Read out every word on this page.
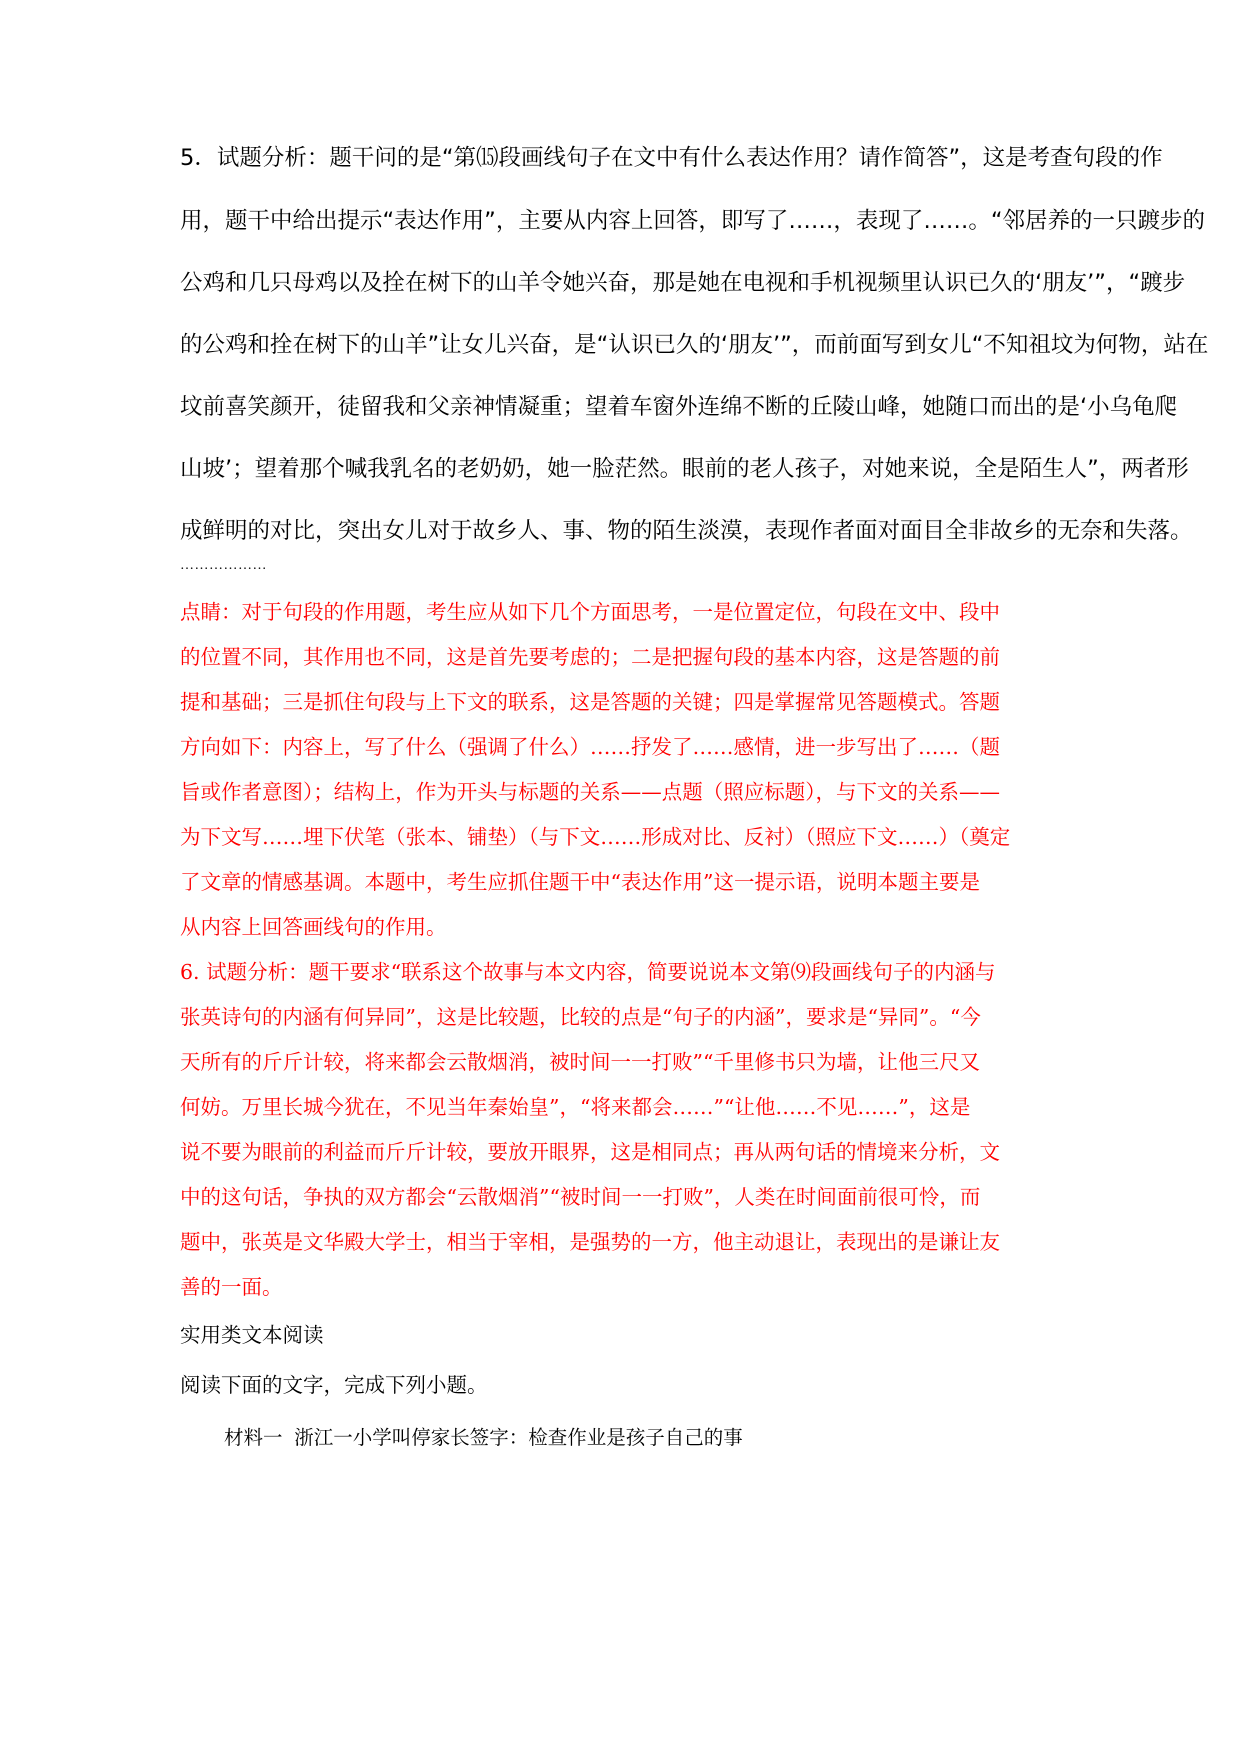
5．试题分析：题干问的是“第⒂段画线句子在文中有什么表达作用？请作简答”，这是考查句段的作
用，题干中给出提示“表达作用”，主要从内容上回答，即写了……，表现了……。“邻居养的一只踱步的
公鸡和几只母鸡以及拴在树下的山羊令她兴奋，那是她在电视和手机视频里认识已久的‘朋友’”，“踱步
的公鸡和拴在树下的山羊”让女儿兴奋，是“认识已久的‘朋友’”，而前面写到女儿“不知祖坟为何物，站在
坟前喜笑颜开，徒留我和父亲神情凝重；望着车窗外连绵不断的丘陵山峰，她随口而出的是‘小乌龟爬
山坡’；望着那个喊我乳名的老奶奶，她一脸茫然。眼前的老人孩子，对她来说，全是陌生人”，两者形
成鲜明的对比，突出女儿对于故乡人、事、物的陌生淡漠，表现作者面对面目全非故乡的无奈和失落。
………………
点睛：对于句段的作用题，考生应从如下几个方面思考，一是位置定位，句段在文中、段中
的位置不同，其作用也不同，这是首先要考虑的；二是把握句段的基本内容，这是答题的前
提和基础；三是抓住句段与上下文的联系，这是答题的关键；四是掌握常见答题模式。答题
方向如下：内容上，写了什么（强调了什么）……抒发了……感情，进一步写出了……（题
旨或作者意图）；结构上，作为开头与标题的关系——点题（照应标题），与下文的关系——
为下文写……埋下伏笔（张本、铺垫）（与下文……形成对比、反衬）（照应下文……）（奠定
了文章的情感基调。本题中，考生应抓住题干中“表达作用”这一提示语，说明本题主要是
从内容上回答画线句的作用。
6. 试题分析：题干要求“联系这个故事与本文内容，简要说说本文第⑼段画线句子的内涵与
张英诗句的内涵有何异同”，这是比较题，比较的点是“句子的内涵”，要求是“异同”。“今
天所有的斤斤计较，将来都会云散烟消，被时间一一打败”“千里修书只为墙，让他三尺又
何妨。万里长城今犹在，不见当年秦始皇”，“将来都会……”“让他……不见……”，这是
说不要为眼前的利益而斤斤计较，要放开眼界，这是相同点；再从两句话的情境来分析，文
中的这句话，争执的双方都会“云散烟消”“被时间一一打败”，人类在时间面前很可怜，而
题中，张英是文华殿大学士，相当于宰相，是强势的一方，他主动退让，表现出的是谦让友
善的一面。
实用类文本阅读
阅读下面的文字，完成下列小题。
材料一 浙江一小学叫停家长签字：检查作业是孩子自己的事
